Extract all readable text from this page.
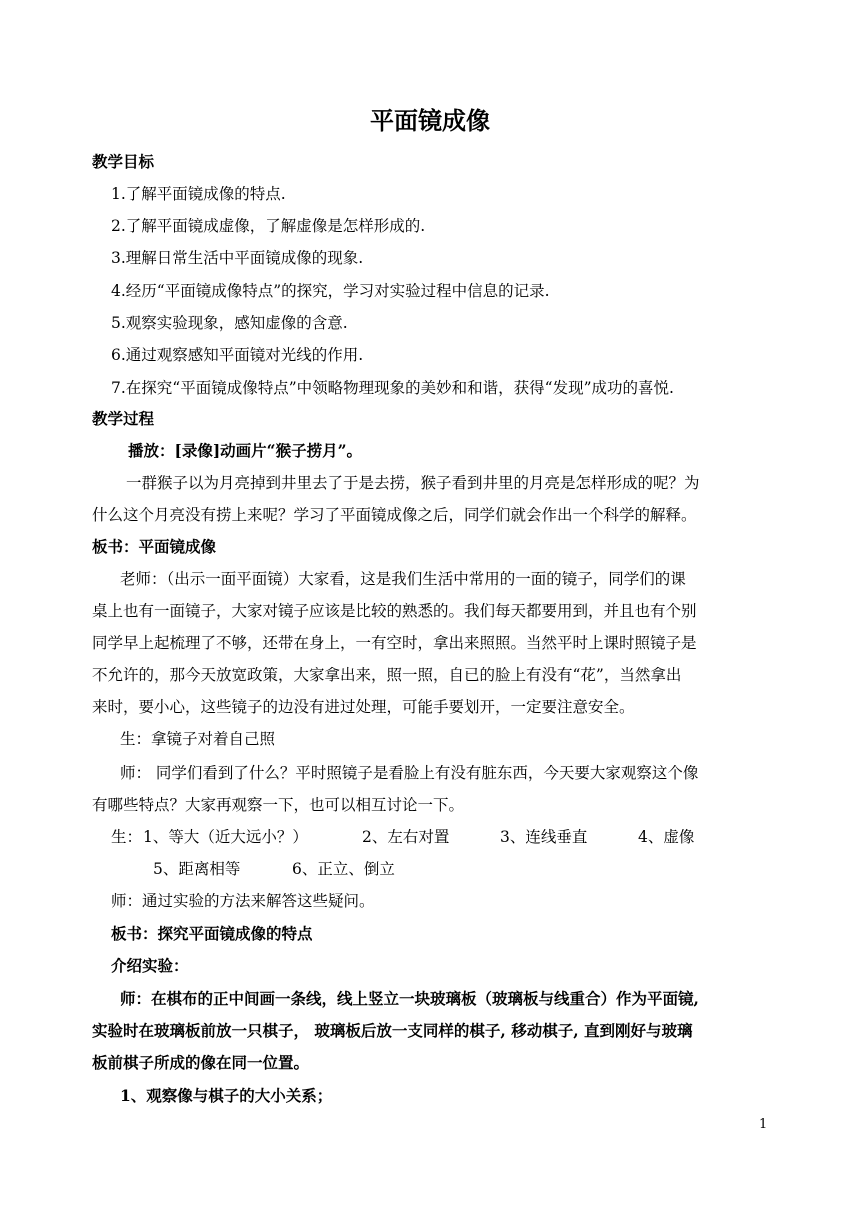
平面镜成像
教学目标
1.了解平面镜成像的特点.
2.了解平面镜成虚像，了解虚像是怎样形成的.
3.理解日常生活中平面镜成像的现象.
4.经历“平面镜成像特点”的探究，学习对实验过程中信息的记录.
5.观察实验现象，感知虚像的含意.
6.通过观察感知平面镜对光线的作用.
7.在探究“平面镜成像特点”中领略物理现象的美妙和和谐，获得“发现”成功的喜悦.
教学过程
播放：[录像]动画片“猴子捞月”。
一群猴子以为月亮掉到井里去了于是去捞，猴子看到井里的月亮是怎样形成的呢？为
什么这个月亮没有捞上来呢？学习了平面镜成像之后，同学们就会作出一个科学的解释。
板书：平面镜成像
老师：（出示一面平面镜）大家看，这是我们生活中常用的一面的镜子，同学们的课
桌上也有一面镜子，大家对镜子应该是比较的熟悉的。我们每天都要用到，并且也有个别
同学早上起梳理了不够，还带在身上，一有空时，拿出来照照。当然平时上课时照镜子是
不允许的，那今天放宽政策，大家拿出来，照一照，自已的脸上有没有“花”，当然拿出
来时，要小心，这些镜子的边没有进过处理，可能手要划开，一定要注意安全。
生：拿镜子对着自己照
师： 同学们看到了什么？平时照镜子是看脸上有没有脏东西，今天要大家观察这个像
有哪些特点？大家再观察一下，也可以相互讨论一下。
生： 1、等大（近大远小？）	2、左右对置	3、连线垂直	4、虚像
5、距离相等	6、正立、倒立
师：通过实验的方法来解答这些疑问。
板书：探究平面镜成像的特点
介绍实验：
师：在棋布的正中间画一条线，线上竖立一块玻璃板（玻璃板与线重合）作为平面镜,
实验时在玻璃板前放一只棋子， 玻璃板后放一支同样的棋子, 移动棋子, 直到刚好与玻璃
板前棋子所成的像在同一位置。
1、观察像与棋子的大小关系；
1
